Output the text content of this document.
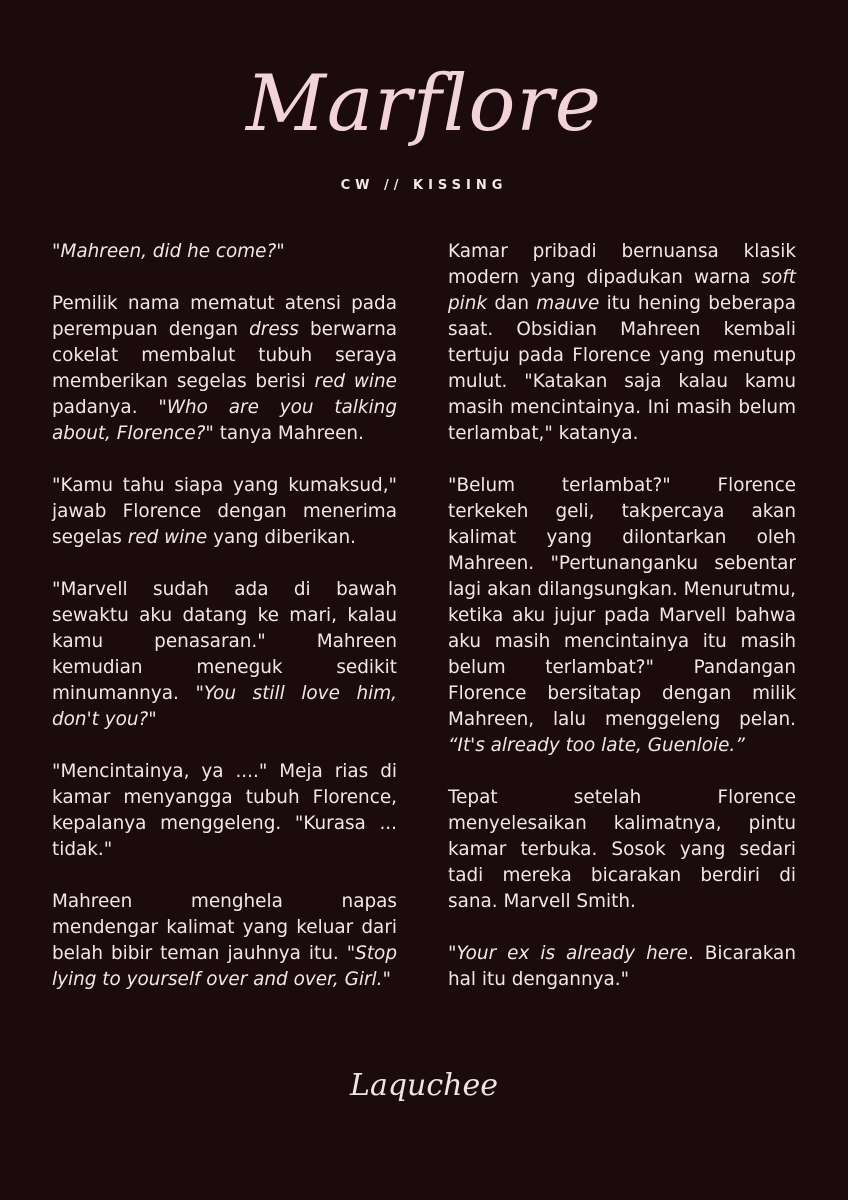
Marflore
CW // KISSING

"Mahreen, did he come?"

Pemilik nama mematut atensi pada perempuan dengan dress berwarna cokelat membalut tubuh seraya memberikan segelas berisi red wine padanya. "Who are you talking about, Florence?" tanya Mahreen.

"Kamu tahu siapa yang kumaksud," jawab Florence dengan menerima segelas red wine yang diberikan.

"Marvell sudah ada di bawah sewaktu aku datang ke mari, kalau kamu penasaran." Mahreen kemudian meneguk sedikit minumannya. "You still love him, don't you?"

"Mencintainya, ya ...." Meja rias di kamar menyangga tubuh Florence, kepalanya menggeleng. "Kurasa ... tidak."

Mahreen menghela napas mendengar kalimat yang keluar dari belah bibir teman jauhnya itu. "Stop lying to yourself over and over, Girl."

Kamar pribadi bernuansa klasik modern yang dipadukan warna soft pink dan mauve itu hening beberapa saat. Obsidian Mahreen kembali tertuju pada Florence yang menutup mulut. "Katakan saja kalau kamu masih mencintainya. Ini masih belum terlambat," katanya.

"Belum terlambat?" Florence terkekeh geli, takpercaya akan kalimat yang dilontarkan oleh Mahreen. "Pertunanganku sebentar lagi akan dilangsungkan. Menurutmu, ketika aku jujur pada Marvell bahwa aku masih mencintainya itu masih belum terlambat?" Pandangan Florence bersitatap dengan milik Mahreen, lalu menggeleng pelan. “It's already too late, Guenloie.”

Tepat setelah Florence menyelesaikan kalimatnya, pintu kamar terbuka. Sosok yang sedari tadi mereka bicarakan berdiri di sana. Marvell Smith.

"Your ex is already here. Bicarakan hal itu dengannya."

Laquchee
